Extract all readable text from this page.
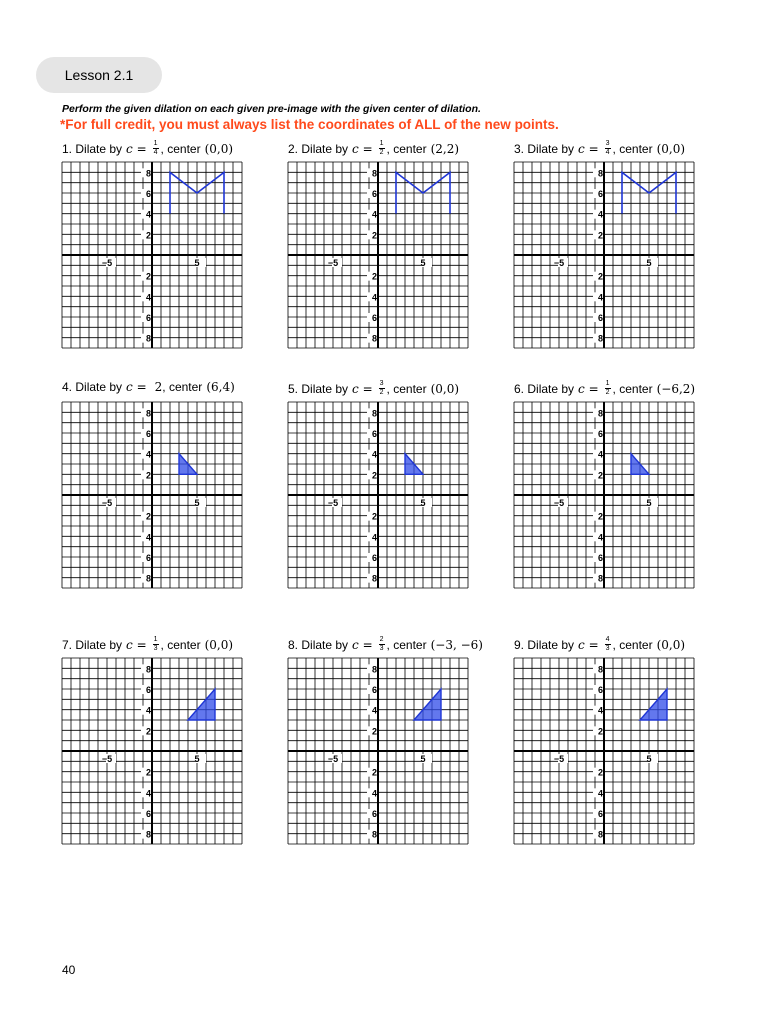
Lesson 2.1
Perform the given dilation on each given pre-image with the given center of dilation.
*For full credit, you must always list the coordinates of ALL of the new points.
1.
Dilate by $c = \frac{1}{4}$ , center (0,0)
−5	5
8
6
4
2
2
4
6
8
2.
Dilate by $c = \frac{1}{2}$ , center (2,2)
−5	5
8
6
4
2
2
4
6
8
3.
Dilate by $c = \frac{3}{4}$ , center (0,0)
−5	5
8
6
4
2
2
4
6
8
4.
Dilate by c = 2 , center (6,4)
−5	5
8
6
4
2
2
4
6
8
5.
Dilate by $c = \frac{3}{2}$ , center (0,0)
−5	5
8
6
4
2
2
4
6
8
6.
Dilate by $c = \frac{1}{2}$ , center (−6,2)
−5	5
8
6
4
2
2
4
6
8
7.
Dilate by $c = \frac{1}{3}$ , center (0,0)
−5	5
8
6
4
2
2
4
6
8
8.
Dilate by $c = \frac{2}{3}$ , center (−3, −6)
−5	5
8
6
4
2
2
4
6
8
9.
Dilate by $c = \frac{4}{3}$ , center (0,0)
−5	5
8
6
4
2
2
4
6
8
40
